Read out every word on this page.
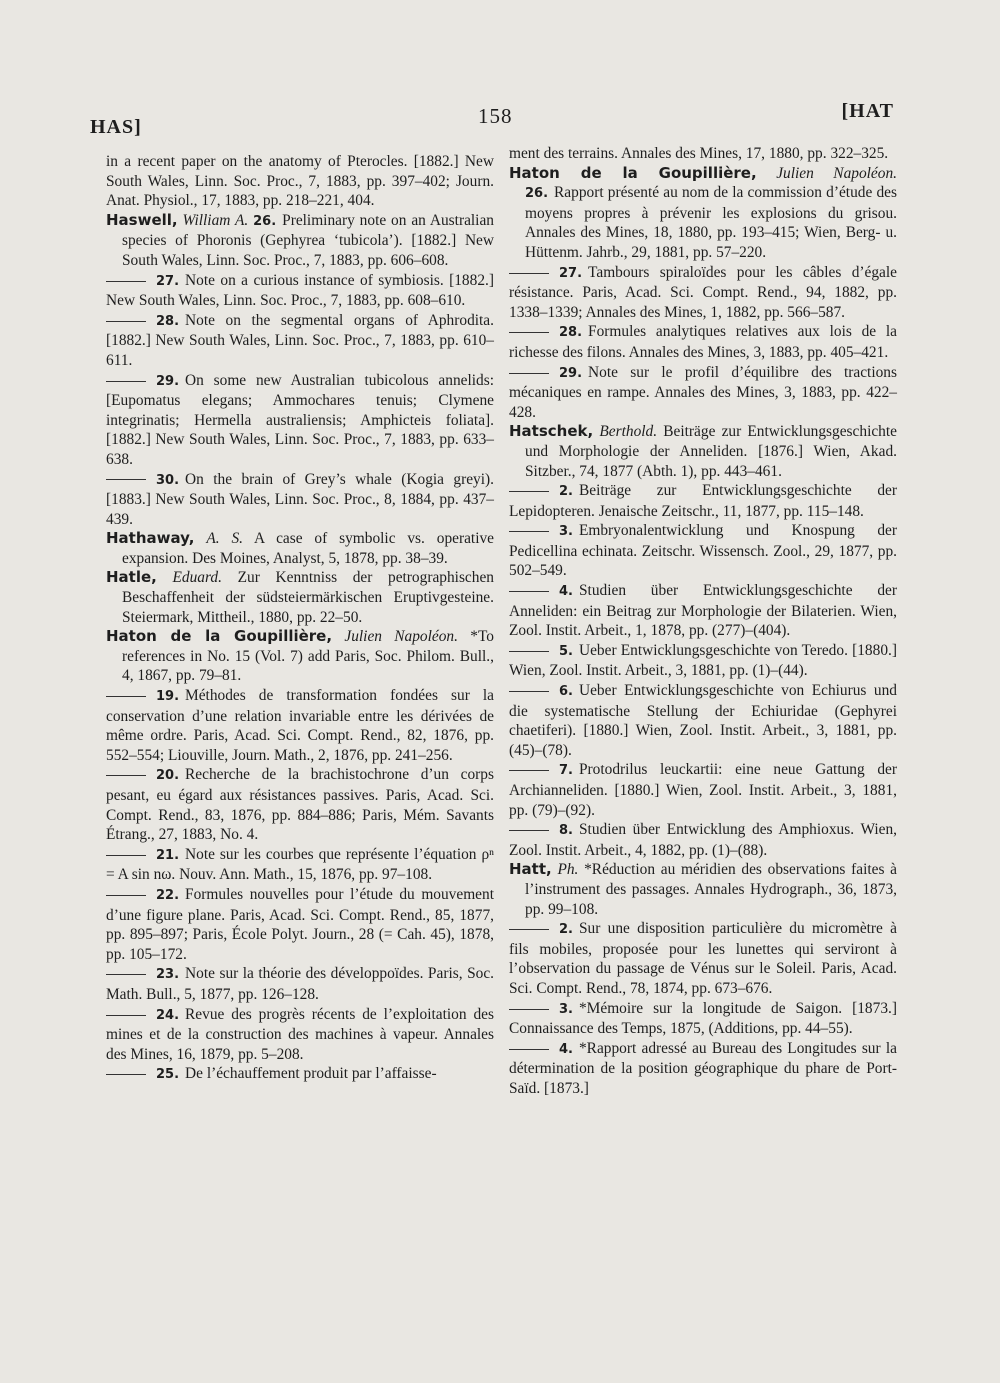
HAS]	158	[HAT

in a recent paper on the anatomy of Pterocles. [1882.] New South Wales, Linn. Soc. Proc., 7, 1883, pp. 397–402; Journ. Anat. Physiol., 17, 1883, pp. 218–221, 404.

Haswell, William A. 26. Preliminary note on an Australian species of Phoronis (Gephyrea ‘tubicola’). [1882.] New South Wales, Linn. Soc. Proc., 7, 1883, pp. 606–608.

27. Note on a curious instance of symbiosis. [1882.] New South Wales, Linn. Soc. Proc., 7, 1883, pp. 608–610.

28. Note on the segmental organs of Aphrodita. [1882.] New South Wales, Linn. Soc. Proc., 7, 1883, pp. 610–611.

29. On some new Australian tubicolous annelids: [Eupomatus elegans; Ammochares tenuis; Clymene integrinatis; Hermella australiensis; Amphicteis foliata]. [1882.] New South Wales, Linn. Soc. Proc., 7, 1883, pp. 633–638.

30. On the brain of Grey’s whale (Kogia greyi). [1883.] New South Wales, Linn. Soc. Proc., 8, 1884, pp. 437–439.

Hathaway, A. S. A case of symbolic vs. operative expansion. Des Moines, Analyst, 5, 1878, pp. 38–39.

Hatle, Eduard. Zur Kenntniss der petrographischen Beschaffenheit der südsteiermärkischen Eruptivgesteine. Steiermark, Mittheil., 1880, pp. 22–50.

Haton de la Goupillière, Julien Napoléon. *To references in No. 15 (Vol. 7) add Paris, Soc. Philom. Bull., 4, 1867, pp. 79–81.

19. Méthodes de transformation fondées sur la conservation d’une relation invariable entre les dérivées de même ordre. Paris, Acad. Sci. Compt. Rend., 82, 1876, pp. 552–554; Liouville, Journ. Math., 2, 1876, pp. 241–256.

20. Recherche de la brachistochrone d’un corps pesant, eu égard aux résistances passives. Paris, Acad. Sci. Compt. Rend., 83, 1876, pp. 884–886; Paris, Mém. Savants Étrang., 27, 1883, No. 4.

21. Note sur les courbes que représente l’équation ρⁿ = A sin nω. Nouv. Ann. Math., 15, 1876, pp. 97–108.

22. Formules nouvelles pour l’étude du mouvement d’une figure plane. Paris, Acad. Sci. Compt. Rend., 85, 1877, pp. 895–897; Paris, École Polyt. Journ., 28 (= Cah. 45), 1878, pp. 105–172.

23. Note sur la théorie des développoïdes. Paris, Soc. Math. Bull., 5, 1877, pp. 126–128.

24. Revue des progrès récents de l’exploitation des mines et de la construction des machines à vapeur. Annales des Mines, 16, 1879, pp. 5–208.

25. De l’échauffement produit par l’affaisse-

ment des terrains. Annales des Mines, 17, 1880, pp. 322–325.

Haton de la Goupillière, Julien Napoléon. 26. Rapport présenté au nom de la commission d’étude des moyens propres à prévenir les explosions du grisou. Annales des Mines, 18, 1880, pp. 193–415; Wien, Berg- u. Hüttenm. Jahrb., 29, 1881, pp. 57–220.

27. Tambours spiraloïdes pour les câbles d’égale résistance. Paris, Acad. Sci. Compt. Rend., 94, 1882, pp. 1338–1339; Annales des Mines, 1, 1882, pp. 566–587.

28. Formules analytiques relatives aux lois de la richesse des filons. Annales des Mines, 3, 1883, pp. 405–421.

29. Note sur le profil d’équilibre des tractions mécaniques en rampe. Annales des Mines, 3, 1883, pp. 422–428.

Hatschek, Berthold. Beiträge zur Entwicklungsgeschichte und Morphologie der Anneliden. [1876.] Wien, Akad. Sitzber., 74, 1877 (Abth. 1), pp. 443–461.

2. Beiträge zur Entwicklungsgeschichte der Lepidopteren. Jenaische Zeitschr., 11, 1877, pp. 115–148.

3. Embryonalentwicklung und Knospung der Pedicellina echinata. Zeitschr. Wissensch. Zool., 29, 1877, pp. 502–549.

4. Studien über Entwicklungsgeschichte der Anneliden: ein Beitrag zur Morphologie der Bilaterien. Wien, Zool. Instit. Arbeit., 1, 1878, pp. (277)–(404).

5. Ueber Entwicklungsgeschichte von Teredo. [1880.] Wien, Zool. Instit. Arbeit., 3, 1881, pp. (1)–(44).

6. Ueber Entwicklungsgeschichte von Echiurus und die systematische Stellung der Echiuridae (Gephyrei chaetiferi). [1880.] Wien, Zool. Instit. Arbeit., 3, 1881, pp. (45)–(78).

7. Protodrilus leuckartii: eine neue Gattung der Archianneliden. [1880.] Wien, Zool. Instit. Arbeit., 3, 1881, pp. (79)–(92).

8. Studien über Entwicklung des Amphioxus. Wien, Zool. Instit. Arbeit., 4, 1882, pp. (1)–(88).

Hatt, Ph. *Réduction au méridien des observations faites à l’instrument des passages. Annales Hydrograph., 36, 1873, pp. 99–108.

2. Sur une disposition particulière du micromètre à fils mobiles, proposée pour les lunettes qui serviront à l’observation du passage de Vénus sur le Soleil. Paris, Acad. Sci. Compt. Rend., 78, 1874, pp. 673–676.

3. *Mémoire sur la longitude de Saigon. [1873.] Connaissance des Temps, 1875, (Additions, pp. 44–55).

4. *Rapport adressé au Bureau des Longitudes sur la détermination de la position géographique du phare de Port-Saïd. [1873.]
